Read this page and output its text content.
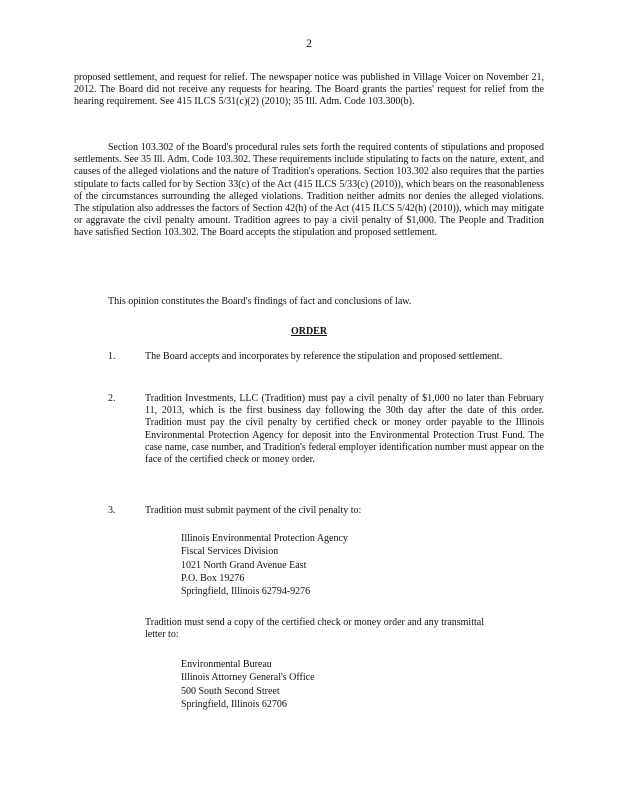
2

proposed settlement, and request for relief. The newspaper notice was published in Village Voicer on November 21, 2012. The Board did not receive any requests for hearing. The Board grants the parties' request for relief from the hearing requirement. See 415 ILCS 5/31(c)(2) (2010); 35 Ill. Adm. Code 103.300(b).

Section 103.302 of the Board's procedural rules sets forth the required contents of stipulations and proposed settlements. See 35 Ill. Adm. Code 103.302. These requirements include stipulating to facts on the nature, extent, and causes of the alleged violations and the nature of Tradition's operations. Section 103.302 also requires that the parties stipulate to facts called for by Section 33(c) of the Act (415 ILCS 5/33(c) (2010)), which bears on the reasonableness of the circumstances surrounding the alleged violations. Tradition neither admits nor denies the alleged violations. The stipulation also addresses the factors of Section 42(h) of the Act (415 ILCS 5/42(h) (2010)), which may mitigate or aggravate the civil penalty amount. Tradition agrees to pay a civil penalty of $1,000. The People and Tradition have satisfied Section 103.302. The Board accepts the stipulation and proposed settlement.

This opinion constitutes the Board's findings of fact and conclusions of law.

ORDER
1.	The Board accepts and incorporates by reference the stipulation and proposed settlement.
2.	Tradition Investments, LLC (Tradition) must pay a civil penalty of $1,000 no later than February 11, 2013, which is the first business day following the 30th day after the date of this order. Tradition must pay the civil penalty by certified check or money order payable to the Illinois Environmental Protection Agency for deposit into the Environmental Protection Trust Fund. The case name, case number, and Tradition's federal employer identification number must appear on the face of the certified check or money order.
3.	Tradition must submit payment of the civil penalty to:
Illinois Environmental Protection Agency
Fiscal Services Division
1021 North Grand Avenue East
P.O. Box 19276
Springfield, Illinois 62794-9276

Tradition must send a copy of the certified check or money order and any transmittal letter to:

Environmental Bureau
Illinois Attorney General's Office
500 South Second Street
Springfield, Illinois 62706
